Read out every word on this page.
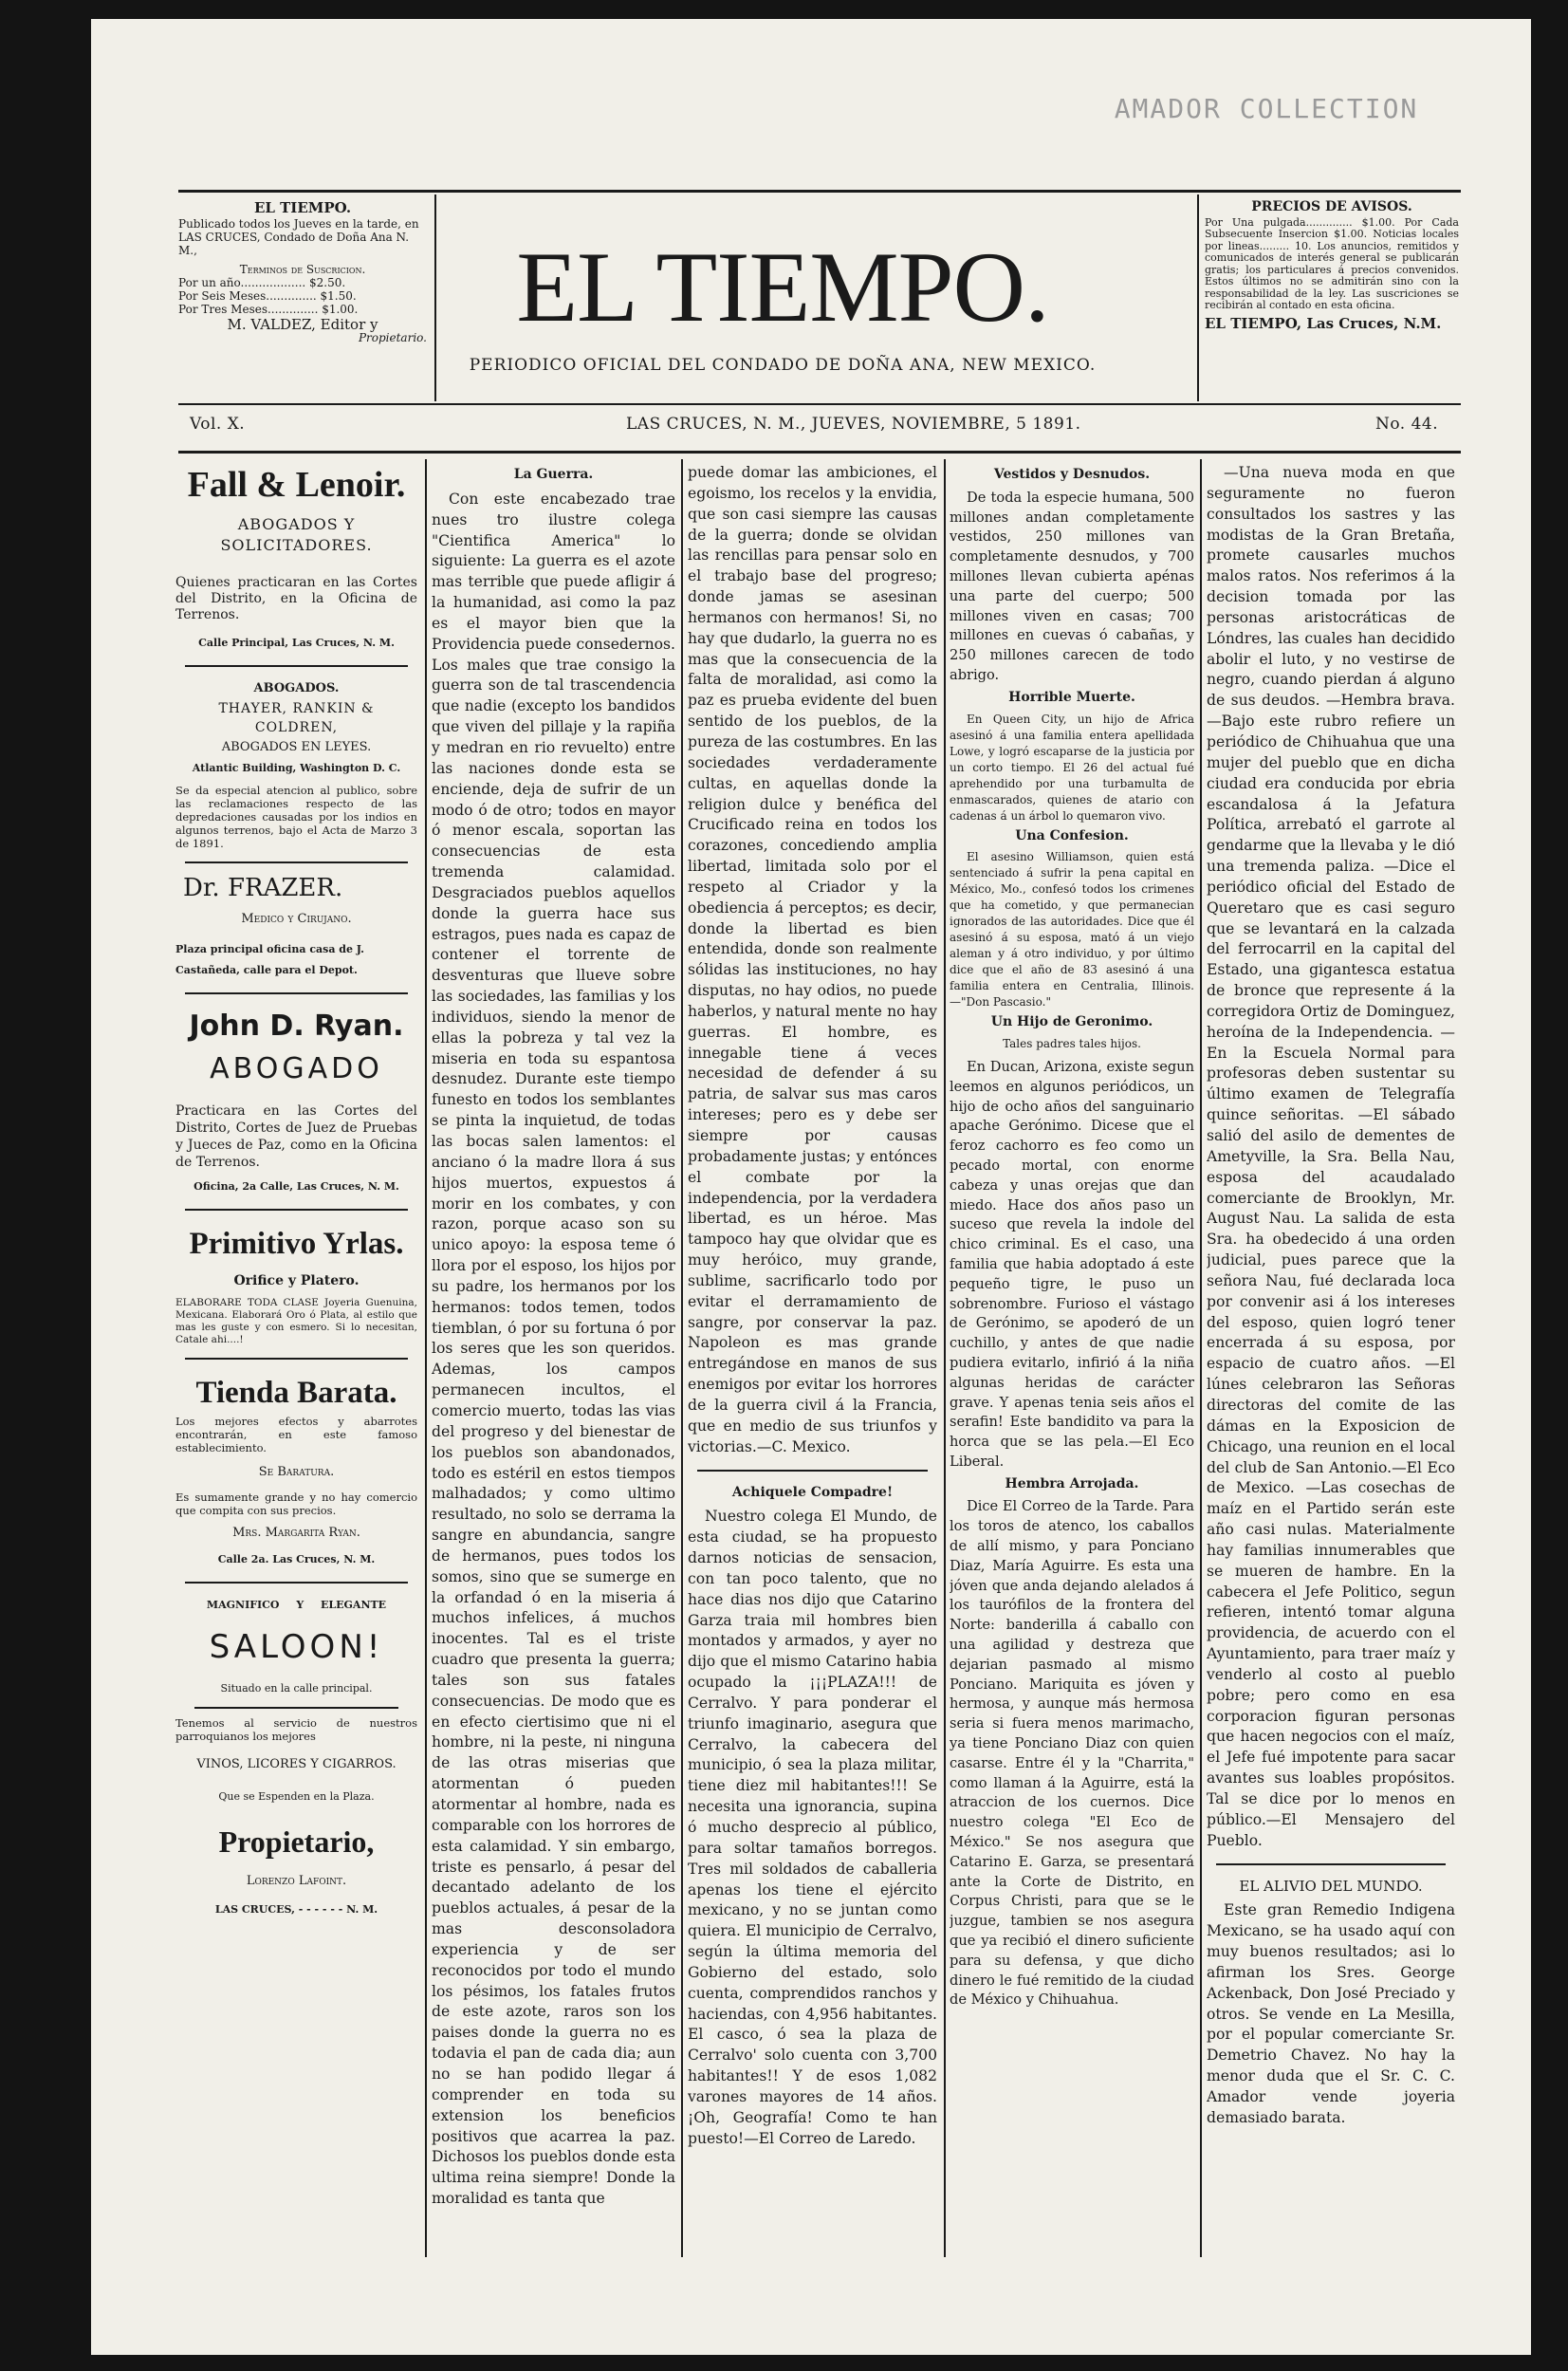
AMADOR COLLECTION
EL TIEMPO.
Publicado todos los Jueves en la tarde, en LAS CRUCES, Condado de Doña Ana N. M.,
Terminos de Suscricion.
Por un año.................. $2.50.
Por Seis Meses.............. $1.50.
Por Tres Meses.............. $1.00.
M. VALDEZ, Editor y
Propietario. EL TIEMPO.
PERIODICO OFICIAL DEL CONDADO DE DOÑA ANA, NEW MEXICO.
PRECIOS DE AVISOS.
Por Una pulgada.............. $1.00. Por Cada Subsecuente Insercion $1.00. Noticias locales por lineas......... 10. Los anuncios, remitidos y comunicados de interés general se publicarán gratis; los particulares á precios convenidos. Estos últimos no se admitirán sino con la responsabilidad de la ley. Las suscriciones se recibirán al contado en esta oficina.
EL TIEMPO, Las Cruces, N.M.
Vol. X.	LAS CRUCES, N. M., JUEVES, NOVIEMBRE, 5 1891.	No. 44.
Fall & Lenoir.
ABOGADOS Y SOLICITADORES.
Quienes practicaran en las Cortes del Distrito, en la Oficina de Terrenos.
Calle Principal, Las Cruces, N. M.
ABOGADOS.
THAYER, RANKIN & COLDREN,
ABOGADOS EN LEYES.
Atlantic Building, Washington D. C.
Se da especial atencion al publico, sobre las reclamaciones respecto de las depredaciones causadas por los indios en algunos terrenos, bajo el Acta de Marzo 3 de 1891.
Dr. FRAZER.
Medico y Cirujano.
Plaza principal oficina casa de J. Castañeda, calle para el Depot.
John D. Ryan.
ABOGADO
Practicara en las Cortes del Distrito, Cortes de Juez de Pruebas y Jueces de Paz, como en la Oficina de Terrenos.
Oficina, 2a Calle, Las Cruces, N. M.
Primitivo Yrlas.
Orifice y Platero.
ELABORARE TODA CLASE Joyeria Guenuina, Mexicana. Elaborará Oro ó Plata, al estilo que mas les guste y con esmero. Si lo necesitan, Catale ahi....!
Tienda Barata.
Los mejores efectos y abarrotes encontrarán, en este famoso establecimiento.
Se Baratura.
Es sumamente grande y no hay comercio que compita con sus precios.
Mrs. Margarita Ryan.
Calle 2a. Las Cruces, N. M.
MAGNIFICO Y ELEGANTE
SALOON!
Situado en la calle principal.
Tenemos al servicio de nuestros parroquianos los mejores
VINOS, LICORES Y CIGARROS.
Que se Espenden en la Plaza.
Propietario,
Lorenzo Lafoint.
LAS CRUCES, - - - - - - N. M.

La Guerra.

Con este encabezado trae nues tro ilustre colega "Cientifica America" lo siguiente: La guerra es el azote mas terrible que puede afligir á la humanidad, asi como la paz es el mayor bien que la Providencia puede consedernos. Los males que trae consigo la guerra son de tal trascendencia que nadie (excepto los bandidos que viven del pillaje y la rapiña y medran en rio revuelto) entre las naciones donde esta se enciende, deja de sufrir de un modo ó de otro; todos en mayor ó menor escala, soportan las consecuencias de esta tremenda calamidad. Desgraciados pueblos aquellos donde la guerra hace sus estragos, pues nada es capaz de contener el torrente de desventuras que llueve sobre las sociedades, las familias y los individuos, siendo la menor de ellas la pobreza y tal vez la miseria en toda su espantosa desnudez. Durante este tiempo funesto en todos los semblantes se pinta la inquietud, de todas las bocas salen lamentos: el anciano ó la madre llora á sus hijos muertos, expuestos á morir en los combates, y con razon, porque acaso son su unico apoyo: la esposa teme ó llora por el esposo, los hijos por su padre, los hermanos por los hermanos: todos temen, todos tiemblan, ó por su fortuna ó por los seres que les son queridos. Ademas, los campos permanecen incultos, el comercio muerto, todas las vias del progreso y del bienestar de los pueblos son abandonados, todo es estéril en estos tiempos malhadados; y como ultimo resultado, no solo se derrama la sangre en abundancia, sangre de hermanos, pues todos los somos, sino que se sumerge en la orfandad ó en la miseria á muchos infelices, á muchos inocentes. Tal es el triste cuadro que presenta la guerra; tales son sus fatales consecuencias. De modo que es en efecto ciertisimo que ni el hombre, ni la peste, ni ninguna de las otras miserias que atormentan ó pueden atormentar al hombre, nada es comparable con los horrores de esta calamidad. Y sin embargo, triste es pensarlo, á pesar del decantado adelanto de los pueblos actuales, á pesar de la mas desconsoladora experiencia y de ser reconocidos por todo el mundo los pésimos, los fatales frutos de este azote, raros son los paises donde la guerra no es todavia el pan de cada dia; aun no se han podido llegar á comprender en toda su extension los beneficios positivos que acarrea la paz. Dichosos los pueblos donde esta ultima reina siempre! Donde la moralidad es tanta que

puede domar las ambiciones, el egoismo, los recelos y la envidia, que son casi siempre las causas de la guerra; donde se olvidan las rencillas para pensar solo en el trabajo base del progreso; donde jamas se asesinan hermanos con hermanos! Si, no hay que dudarlo, la guerra no es mas que la consecuencia de la falta de moralidad, asi como la paz es prueba evidente del buen sentido de los pueblos, de la pureza de las costumbres. En las sociedades verdaderamente cultas, en aquellas donde la religion dulce y benéfica del Crucificado reina en todos los corazones, concediendo amplia libertad, limitada solo por el respeto al Criador y la obediencia á perceptos; es decir, donde la libertad es bien entendida, donde son realmente sólidas las instituciones, no hay disputas, no hay odios, no puede haberlos, y natural mente no hay guerras. El hombre, es innegable tiene á veces necesidad de defender á su patria, de salvar sus mas caros intereses; pero es y debe ser siempre por causas probadamente justas; y entónces el combate por la independencia, por la verdadera libertad, es un héroe. Mas tampoco hay que olvidar que es muy heróico, muy grande, sublime, sacrificarlo todo por evitar el derramamiento de sangre, por conservar la paz. Napoleon es mas grande entregándose en manos de sus enemigos por evitar los horrores de la guerra civil á la Francia, que en medio de sus triunfos y victorias.—C. Mexico.

Achiquele Compadre!

Nuestro colega El Mundo, de esta ciudad, se ha propuesto darnos noticias de sensacion, con tan poco talento, que no hace dias nos dijo que Catarino Garza traia mil hombres bien montados y armados, y ayer no dijo que el mismo Catarino habia ocupado la ¡¡¡PLAZA!!! de Cerralvo. Y para ponderar el triunfo imaginario, asegura que Cerralvo, la cabecera del municipio, ó sea la plaza militar, tiene diez mil habitantes!!! Se necesita una ignorancia, supina ó mucho desprecio al público, para soltar tamaños borregos. Tres mil soldados de caballeria apenas los tiene el ejército mexicano, y no se juntan como quiera. El municipio de Cerralvo, según la última memoria del Gobierno del estado, solo cuenta, comprendidos ranchos y haciendas, con 4,956 habitantes. El casco, ó sea la plaza de Cerralvo' solo cuenta con 3,700 habitantes!! Y de esos 1,082 varones mayores de 14 años. ¡Oh, Geografía! Como te han puesto!—El Correo de Laredo.

Vestidos y Desnudos.

De toda la especie humana, 500 millones andan completamente vestidos, 250 millones van completamente desnudos, y 700 millones llevan cubierta apénas una parte del cuerpo; 500 millones viven en casas; 700 millones en cuevas ó cabañas, y 250 millones carecen de todo abrigo.

Horrible Muerte.

En Queen City, un hijo de Africa asesinó á una familia entera apellidada Lowe, y logró escaparse de la justicia por un corto tiempo. El 26 del actual fué aprehendido por una turbamulta de enmascarados, quienes de atario con cadenas á un árbol lo quemaron vivo.

Una Confesion.

El asesino Williamson, quien está sentenciado á sufrir la pena capital en México, Mo., confesó todos los crimenes que ha cometido, y que permanecian ignorados de las autoridades. Dice que él asesinó á su esposa, mató á un viejo aleman y á otro individuo, y por último dice que el año de 83 asesinó á una familia entera en Centralia, Illinois.—"Don Pascasio."

Un Hijo de Geronimo.

Tales padres tales hijos.

En Ducan, Arizona, existe segun leemos en algunos periódicos, un hijo de ocho años del sanguinario apache Gerónimo. Dicese que el feroz cachorro es feo como un pecado mortal, con enorme cabeza y unas orejas que dan miedo. Hace dos años paso un suceso que revela la indole del chico criminal. Es el caso, una familia que habia adoptado á este pequeño tigre, le puso un sobrenombre. Furioso el vástago de Gerónimo, se apoderó de un cuchillo, y antes de que nadie pudiera evitarlo, infirió á la niña algunas heridas de carácter grave. Y apenas tenia seis años el serafin! Este bandidito va para la horca que se las pela.—El Eco Liberal.

Hembra Arrojada.

Dice El Correo de la Tarde. Para los toros de atenco, los caballos de allí mismo, y para Ponciano Diaz, María Aguirre. Es esta una jóven que anda dejando alelados á los taurófilos de la frontera del Norte: banderilla á caballo con una agilidad y destreza que dejarian pasmado al mismo Ponciano. Mariquita es jóven y hermosa, y aunque más hermosa seria si fuera menos marimacho, ya tiene Ponciano Diaz con quien casarse. Entre él y la "Charrita," como llaman á la Aguirre, está la atraccion de los cuernos. Dice nuestro colega "El Eco de México." Se nos asegura que Catarino E. Garza, se presentará ante la Corte de Distrito, en Corpus Christi, para que se le juzgue, tambien se nos asegura que ya recibió el dinero suficiente para su defensa, y que dicho dinero le fué remitido de la ciudad de México y Chihuahua.

—Una nueva moda en que seguramente no fueron consultados los sastres y las modistas de la Gran Bretaña, promete causarles muchos malos ratos. Nos referimos á la decision tomada por las personas aristocráticas de Lóndres, las cuales han decidido abolir el luto, y no vestirse de negro, cuando pierdan á alguno de sus deudos. —Hembra brava.—Bajo este rubro refiere un periódico de Chihuahua que una mujer del pueblo que en dicha ciudad era conducida por ebria escandalosa á la Jefatura Política, arrebató el garrote al gendarme que la llevaba y le dió una tremenda paliza. —Dice el periódico oficial del Estado de Queretaro que es casi seguro que se levantará en la calzada del ferrocarril en la capital del Estado, una gigantesca estatua de bronce que represente á la corregidora Ortiz de Dominguez, heroína de la Independencia. —En la Escuela Normal para profesoras deben sustentar su último examen de Telegrafía quince señoritas. —El sábado salió del asilo de dementes de Ametyville, la Sra. Bella Nau, esposa del acaudalado comerciante de Brooklyn, Mr. August Nau. La salida de esta Sra. ha obedecido á una orden judicial, pues parece que la señora Nau, fué declarada loca por convenir asi á los intereses del esposo, quien logró tener encerrada á su esposa, por espacio de cuatro años. —El lúnes celebraron las Señoras directoras del comite de las dámas en la Exposicion de Chicago, una reunion en el local del club de San Antonio.—El Eco de Mexico. —Las cosechas de maíz en el Partido serán este año casi nulas. Materialmente hay familias innumerables que se mueren de hambre. En la cabecera el Jefe Politico, segun refieren, intentó tomar alguna providencia, de acuerdo con el Ayuntamiento, para traer maíz y venderlo al costo al pueblo pobre; pero como en esa corporacion figuran personas que hacen negocios con el maíz, el Jefe fué impotente para sacar avantes sus loables propósitos. Tal se dice por lo menos en público.—El Mensajero del Pueblo.

EL ALIVIO DEL MUNDO.

Este gran Remedio Indigena Mexicano, se ha usado aquí con muy buenos resultados; asi lo afirman los Sres. George Ackenback, Don José Preciado y otros. Se vende en La Mesilla, por el popular comerciante Sr. Demetrio Chavez. No hay la menor duda que el Sr. C. C. Amador vende joyeria demasiado barata.
